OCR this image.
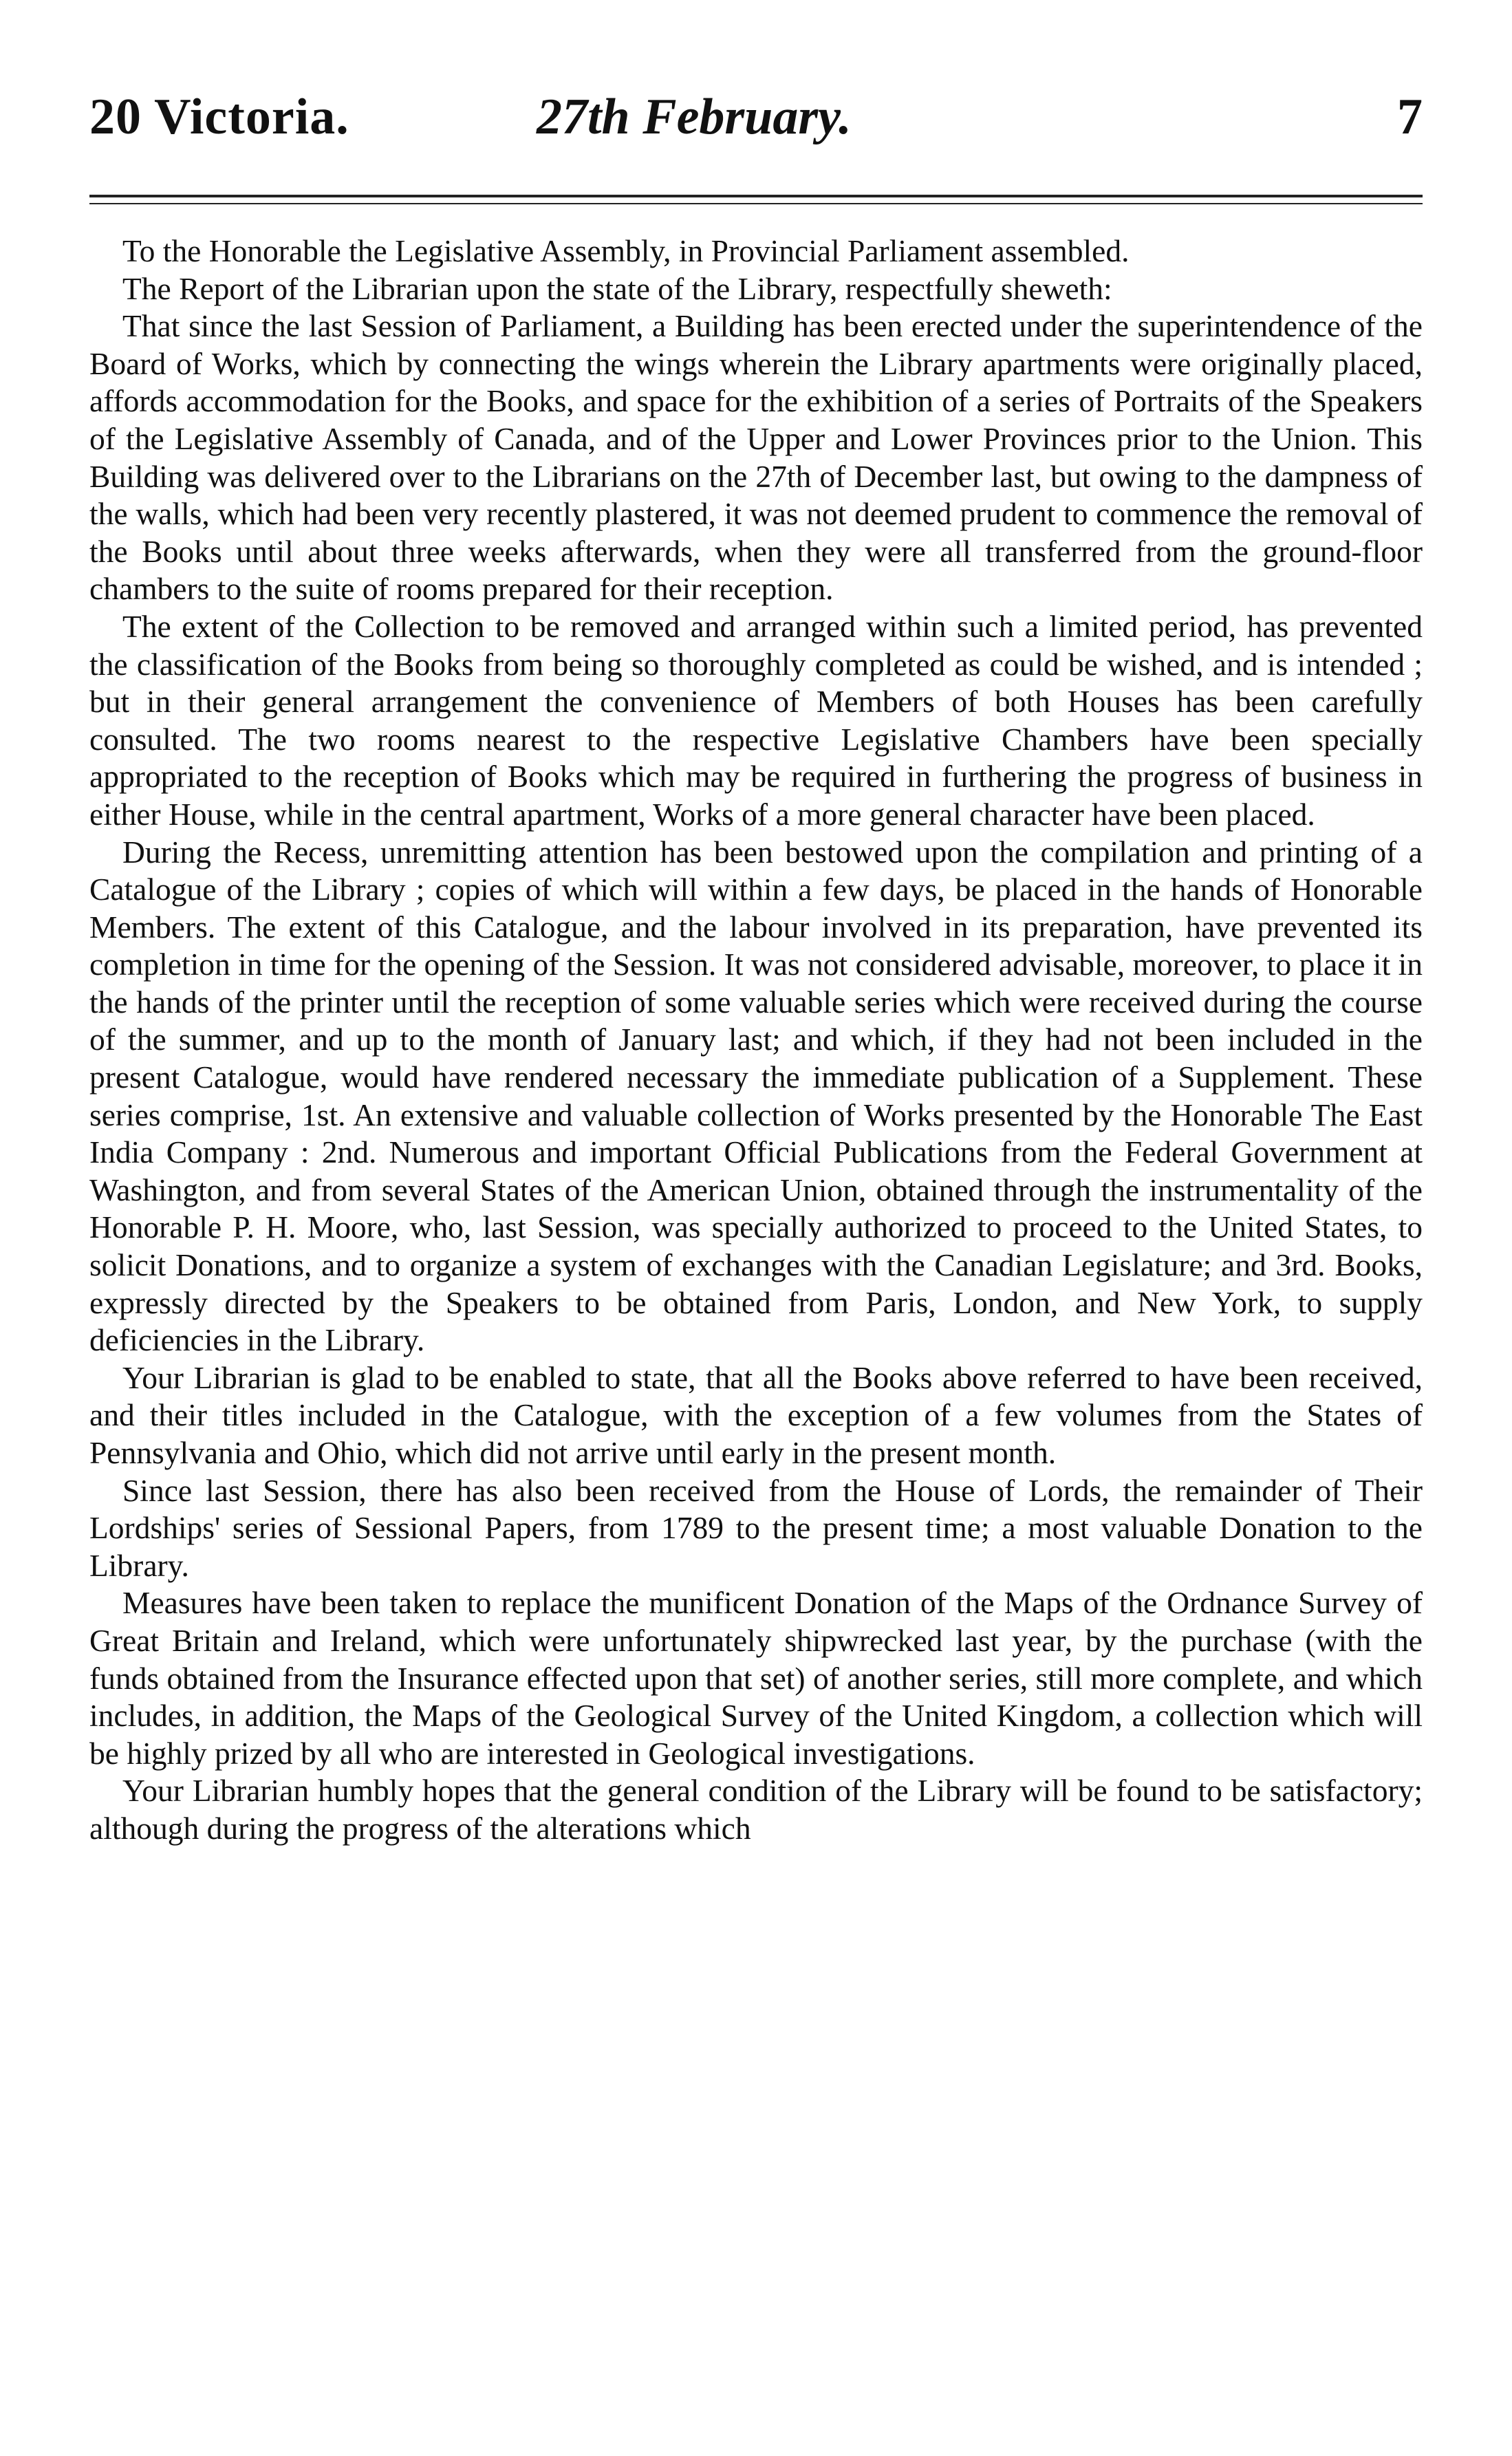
20 Victoria.	27th February.	7

To the Honorable the Legislative Assembly, in Provincial Parliament assembled.

The Report of the Librarian upon the state of the Library, respectfully sheweth:

That since the last Session of Parliament, a Building has been erected under the superintendence of the Board of Works, which by connecting the wings wherein the Library apartments were originally placed, affords accommodation for the Books, and space for the exhibition of a series of Portraits of the Speakers of the Legislative Assembly of Canada, and of the Upper and Lower Provinces prior to the Union. This Building was delivered over to the Librarians on the 27th of December last, but owing to the dampness of the walls, which had been very recently plastered, it was not deemed prudent to commence the removal of the Books until about three weeks afterwards, when they were all transferred from the ground-floor chambers to the suite of rooms prepared for their reception.

The extent of the Collection to be removed and arranged within such a limited period, has prevented the classification of the Books from being so thoroughly completed as could be wished, and is intended ; but in their general arrangement the convenience of Members of both Houses has been carefully consulted. The two rooms nearest to the respective Legislative Chambers have been specially appropriated to the reception of Books which may be required in furthering the progress of business in either House, while in the central apartment, Works of a more general character have been placed.

During the Recess, unremitting attention has been bestowed upon the compilation and printing of a Catalogue of the Library ; copies of which will within a few days, be placed in the hands of Honorable Members. The extent of this Catalogue, and the labour involved in its preparation, have prevented its completion in time for the opening of the Session. It was not considered advisable, moreover, to place it in the hands of the printer until the reception of some valuable series which were received during the course of the summer, and up to the month of January last; and which, if they had not been included in the present Catalogue, would have rendered necessary the immediate publication of a Supplement. These series comprise, 1st. An extensive and valuable collection of Works presented by the Honorable The East India Company : 2nd. Numerous and important Official Publications from the Federal Government at Washington, and from several States of the American Union, obtained through the instrumentality of the Honorable P. H. Moore, who, last Session, was specially authorized to proceed to the United States, to solicit Donations, and to organize a system of exchanges with the Canadian Legislature; and 3rd. Books, expressly directed by the Speakers to be obtained from Paris, London, and New York, to supply deficiencies in the Library.

Your Librarian is glad to be enabled to state, that all the Books above referred to have been received, and their titles included in the Catalogue, with the exception of a few volumes from the States of Pennsylvania and Ohio, which did not arrive until early in the present month.

Since last Session, there has also been received from the House of Lords, the remainder of Their Lordships' series of Sessional Papers, from 1789 to the present time; a most valuable Donation to the Library.

Measures have been taken to replace the munificent Donation of the Maps of the Ordnance Survey of Great Britain and Ireland, which were unfortunately shipwrecked last year, by the purchase (with the funds obtained from the Insurance effected upon that set) of another series, still more complete, and which includes, in addition, the Maps of the Geological Survey of the United Kingdom, a collection which will be highly prized by all who are interested in Geological investigations.

Your Librarian humbly hopes that the general condition of the Library will be found to be satisfactory; although during the progress of the alterations which
